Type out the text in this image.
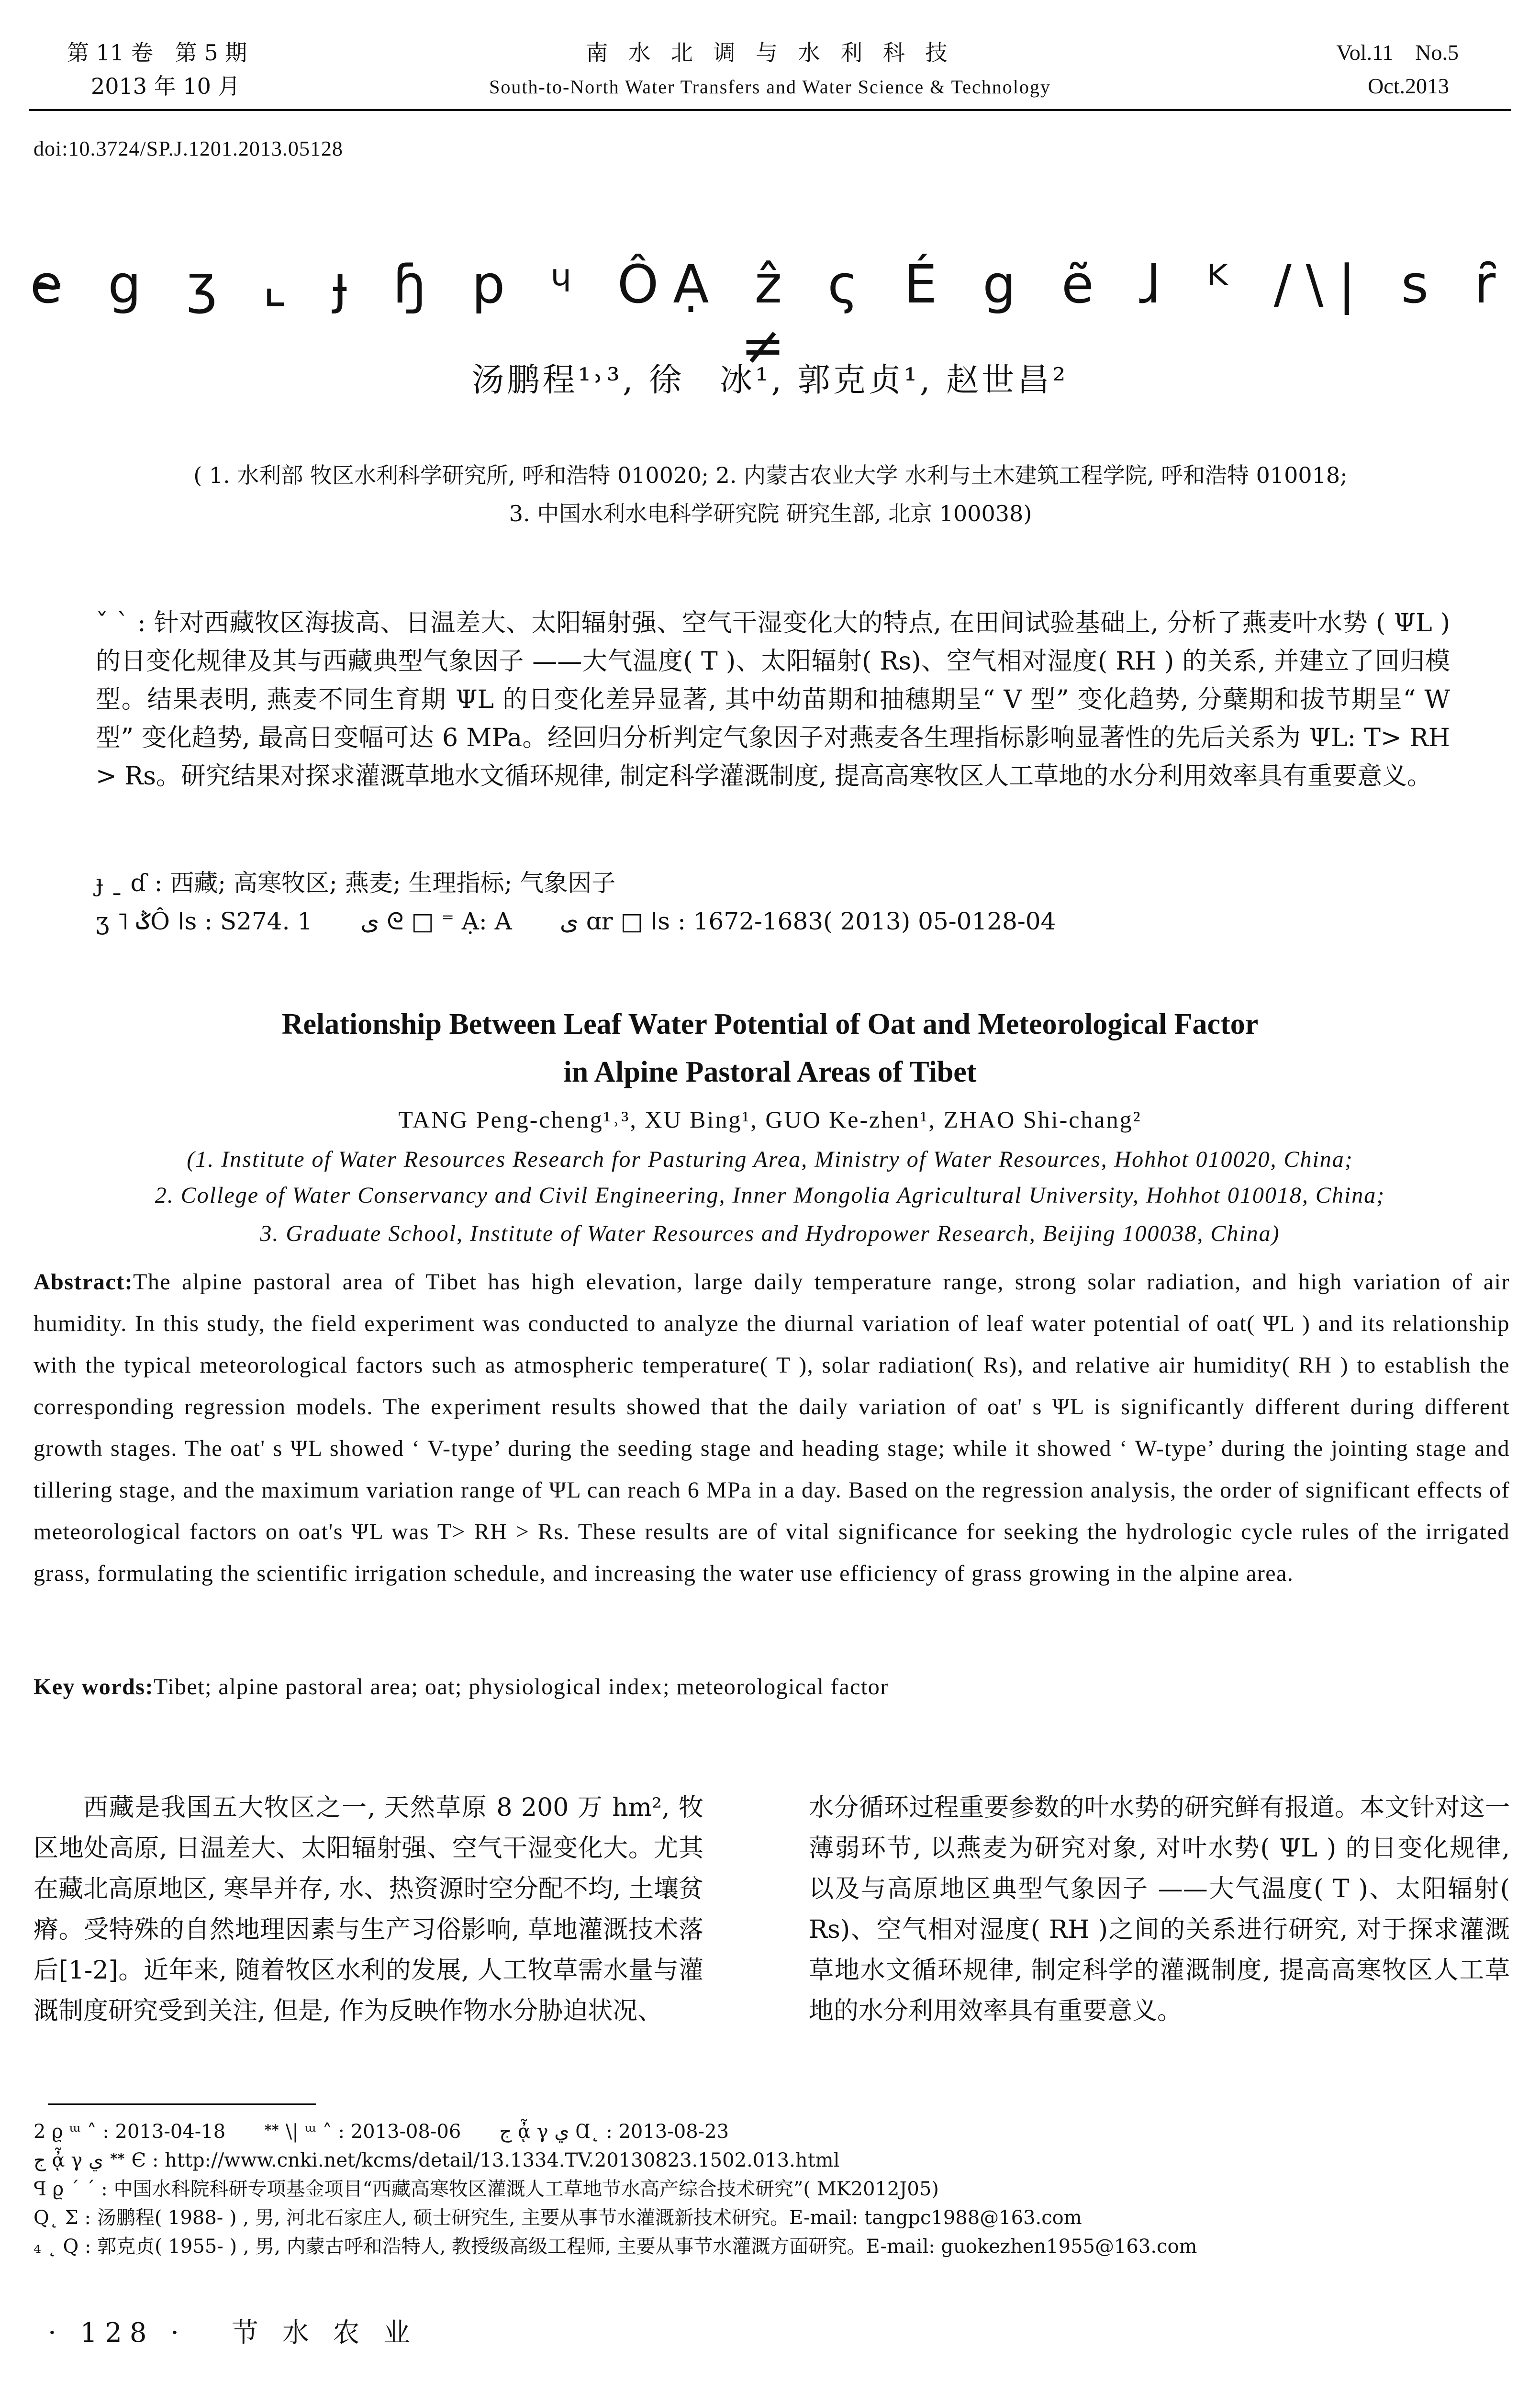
第 11 卷　第 5 期
2013 年 10 月
南 水 北 调 与 水 利 科 技
South-to-North Water Transfers and Water Science & Technology
Vol.11　No.5
Oct.2013
doi:10.3724/SP.J.1201.2013.05128
e̴ g ʒ ⌞ ɟ ɧ p ᶣ ÔẠ ẑ ς É g ẽ ɺ ᴷ /\| s ȓ ≠
汤鹏程¹˒³, 徐　冰¹, 郭克贞¹, 赵世昌²
( 1. 水利部 牧区水利科学研究所, 呼和浩特 010020; 2. 内蒙古农业大学 水利与土木建筑工程学院, 呼和浩特 010018;
3. 中国水利水电科学研究院 研究生部, 北京 100038)

ˇ ˋ : 针对西藏牧区海拔高、日温差大、太阳辐射强、空气干湿变化大的特点, 在田间试验基础上, 分析了燕麦叶水势 ( ΨL ) 的日变化规律及其与西藏典型气象因子 ——大气温度( T )、太阳辐射( Rs)、空气相对湿度( RH ) 的关系, 并建立了回归模型。结果表明, 燕麦不同生育期 ΨL 的日变化差异显著, 其中幼苗期和抽穗期呈“ V 型” 变化趋势, 分蘖期和拔节期呈“ W 型” 变化趋势, 最高日变幅可达 6 MPa。经回归分析判定气象因子对燕麦各生理指标影响显著性的先后关系为 ΨL: T> RH > Rs。研究结果对探求灌溉草地水文循环规律, 制定科学灌溉制度, 提高高寒牧区人工草地的水分利用效率具有重要意义。

ɟ ˍ ɗ : 西藏; 高寒牧区; 燕麦; 生理指标; 气象因子
ʒ ˥ ݣÔ ǀs : S274. 1　　ی ᘓ □ ⁼ Ạ: A　　ی ɑr □ ǀs : 1672-1683( 2013) 05-0128-04
Relationship Between Leaf Water Potential of Oat and Meteorological Factor
in Alpine Pastoral Areas of Tibet
TANG Peng-cheng¹˒³, XU Bing¹, GUO Ke-zhen¹, ZHAO Shi-chang²
(1. Institute of Water Resources Research for Pasturing Area, Ministry of Water Resources, Hohhot 010020, China;
2. College of Water Conservancy and Civil Engineering, Inner Mongolia Agricultural University, Hohhot 010018, China;
3. Graduate School, Institute of Water Resources and Hydropower Research, Beijing 100038, China)
Abstract:The alpine pastoral area of Tibet has high elevation, large daily temperature range, strong solar radiation, and high variation of air humidity. In this study, the field experiment was conducted to analyze the diurnal variation of leaf water potential of oat( ΨL ) and its relationship with the typical meteorological factors such as atmospheric temperature( T ), solar radiation( Rs), and relative air humidity( RH ) to establish the corresponding regression models. The experiment results showed that the daily variation of oat' s ΨL is significantly different during different growth stages. The oat' s ΨL showed ‘ V-type’ during the seeding stage and heading stage; while it showed ‘ W-type’ during the jointing stage and tillering stage, and the maximum variation range of ΨL can reach 6 MPa in a day. Based on the regression analysis, the order of significant effects of meteorological factors on oat's ΨL was T> RH > Rs. These results are of vital significance for seeking the hydrologic cycle rules of the irrigated grass, formulating the scientific irrigation schedule, and increasing the water use efficiency of grass growing in the alpine area.
Key words:Tibet; alpine pastoral area; oat; physiological index; meteorological factor

西藏是我国五大牧区之一, 天然草原 8 200 万 hm², 牧区地处高原, 日温差大、太阳辐射强、空气干湿变化大。尤其在藏北高原地区, 寒旱并存, 水、热资源时空分配不均, 土壤贫瘠。受特殊的自然地理因素与生产习俗影响, 草地灌溉技术落后[1-2]。近年来, 随着牧区水利的发展, 人工牧草需水量与灌溉制度研究受到关注, 但是, 作为反映作物水分胁迫状况、

水分循环过程重要参数的叶水势的研究鲜有报道。本文针对这一薄弱环节, 以燕麦为研究对象, 对叶水势( ΨL ) 的日变化规律, 以及与高原地区典型气象因子 ——大气温度( T )、太阳辐射( Rs)、空气相对湿度( RH )之间的关系进行研究, 对于探求灌溉草地水文循环规律, 制定科学的灌溉制度, 提高高寒牧区人工草地的水分利用效率具有重要意义。

2 ϱ ᵚ ˄ : 2013-04-18　　ᕯ \| ᵚ ˄ : 2013-08-06　　ج ᾆ γ ي Ɑ˛ : 2013-08-23
ج ᾆ γ ي ᕯ Є : http://www.cnki.net/kcms/detail/13.1334.TV.20130823.1502.013.html
ꟼ ϱ ˊ ˊ : 中国水科院科研专项基金项目“西藏高寒牧区灌溉人工草地节水高产综合技术研究”( MK2012J05)
Q˛ Ʃ : 汤鹏程( 1988- ) , 男, 河北石家庄人, 硕士研究生, 主要从事节水灌溉新技术研究。E-mail: tangpc1988@163.com
₄ ˛ Q : 郭克贞( 1955- ) , 男, 内蒙古呼和浩特人, 教授级高级工程师, 主要从事节水灌溉方面研究。E-mail: guokezhen1955@163.com
· 128 · 节 水 农 业
